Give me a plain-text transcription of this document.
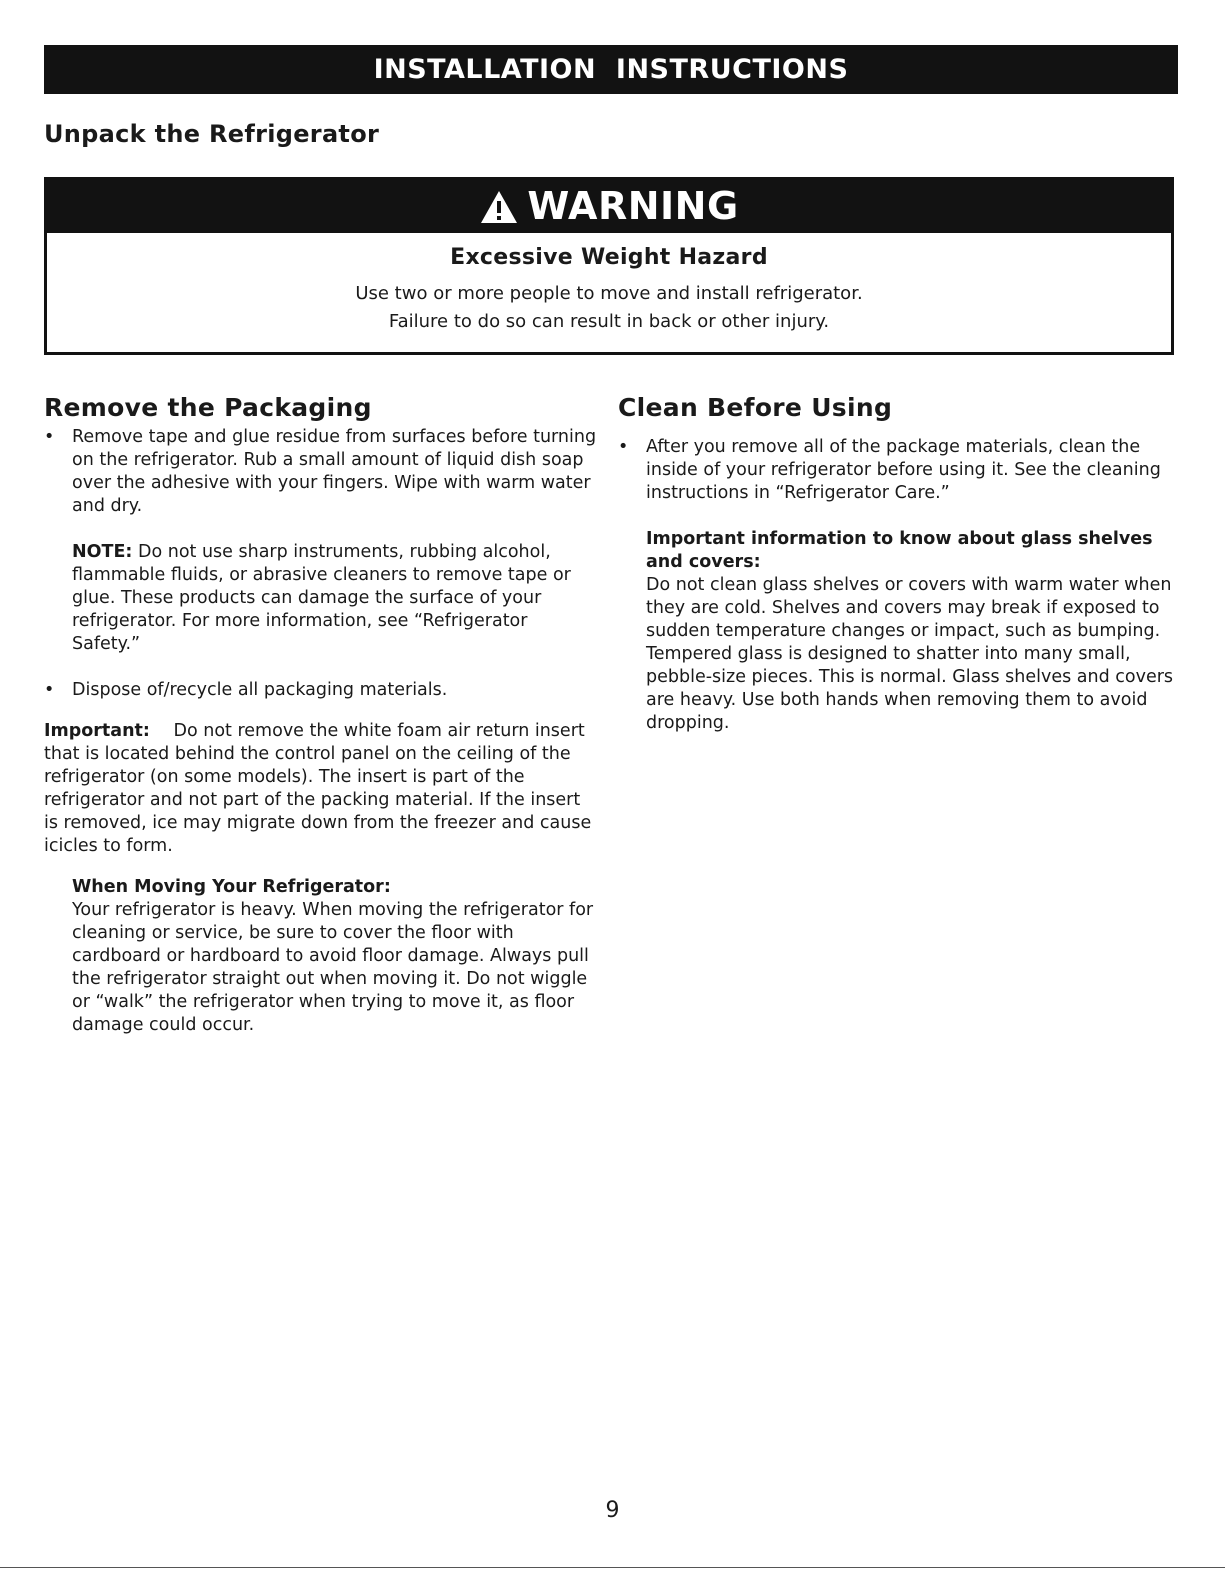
INSTALLATION  INSTRUCTIONS
Unpack the Refrigerator
WARNING
Excessive Weight Hazard
Use two or more people to move and install refrigerator.
Failure to do so can result in back or other injury.
Remove the Packaging
• Remove tape and glue residue from surfaces before turning on the refrigerator. Rub a small amount of liquid dish soap over the adhesive with your fingers. Wipe with warm water and dry.
NOTE: Do not use sharp instruments, rubbing alcohol, flammable fluids, or abrasive cleaners to remove tape or glue. These products can damage the surface of your refrigerator. For more information, see “Refrigerator Safety.”
• Dispose of/recycle all packaging materials.
Important: Do not remove the white foam air return insert that is located behind the control panel on the ceiling of the refrigerator (on some models). The insert is part of the refrigerator and not part of the packing material. If the insert is removed, ice may migrate down from the freezer and cause icicles to form.
When Moving Your Refrigerator:
Your refrigerator is heavy. When moving the refrigerator for cleaning or service, be sure to cover the floor with cardboard or hardboard to avoid floor damage. Always pull the refrigerator straight out when moving it. Do not wiggle or “walk” the refrigerator when trying to move it, as floor damage could occur.
Clean Before Using
• After you remove all of the package materials, clean the inside of your refrigerator before using it. See the cleaning instructions in “Refrigerator Care.”
Important information to know about glass shelves and covers:
Do not clean glass shelves or covers with warm water when they are cold. Shelves and covers may break if exposed to sudden temperature changes or impact, such as bumping. Tempered glass is designed to shatter into many small, pebble-size pieces. This is normal. Glass shelves and covers are heavy. Use both hands when removing them to avoid dropping.
9
